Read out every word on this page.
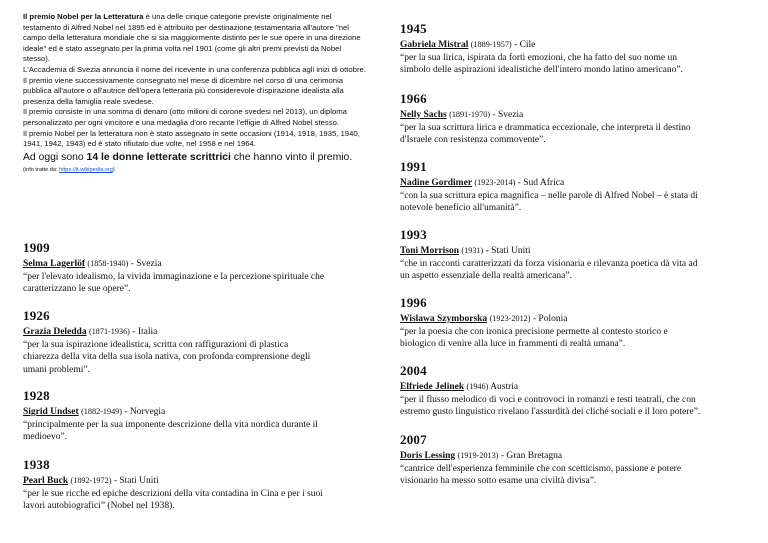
Il premio Nobel per la Letteratura è una delle cinque categorie previste originalmente nel testamento di Alfred Nobel nel 1895 ed è attribuito per destinazione testamentaria all'autore "nel campo della letteratura mondiale che si sia maggiormente distinto per le sue opere in una direzione ideale" ed è stato assegnato per la prima volta nel 1901 (come gli altri premi previsti da Nobel stesso).

L'Accademia di Svezia annuncia il nome del ricevente in una conferenza pubblica agli inizi di ottobre. Il premio viene successivamente consegnato nel mese di dicembre nel corso di una cerimonia pubblica all'autore o all'autrice dell'opera letteraria più considerevole d'ispirazione idealista alla presenza della famiglia reale svedese.

Il premio consiste in una somma di denaro (otto milioni di corone svedesi nel 2013), un diploma personalizzato per ogni vincitore e una medaglia d'oro recante l'effigie di Alfred Nobel stesso.

Il premio Nobel per la letteratura non è stato assegnato in sette occasioni (1914, 1918, 1935, 1940, 1941, 1942, 1943) ed è stato rifiutato due volte, nel 1958 e nel 1964.

Ad oggi sono 14 le donne letterate scrittrici che hanno vinto il premio.

(info tratte da: https://it.wikipedia.org)

1909
Selma Lagerlöf (1858-1940) - Svezia
“per l'elevato idealismo, la vivida immaginazione e la percezione spirituale che
caratterizzano le sue opere”.
1926
Grazia Deledda (1871-1936) - Italia
“per la sua ispirazione idealistica, scritta con raffigurazioni di plastica
chiarezza della vita della sua isola nativa, con profonda comprensione degli
umani problemi”.
1928
Sigrid Undset (1882-1949) - Norvegia
“principalmente per la sua imponente descrizione della vita nordica durante il
medioevo”.
1938
Pearl Buck (1892-1972) - Stati Uniti
“per le sue ricche ed epiche descrizioni della vita contadina in Cina e per i suoi
lavori autobiografici” (Nobel nel 1938).
1945
Gabriela Mistral (1889-1957) - Cile
“per la sua lirica, ispirata da forti emozioni, che ha fatto del suo nome un
simbolo delle aspirazioni idealistiche dell'intero mondo latino americano”.
1966
Nelly Sachs (1891-1970) - Svezia
“per la sua scrittura lirica e drammatica eccezionale, che interpreta il destino
d'Israele con resistenza commovente”.
1991
Nadine Gordimer (1923-2014) - Sud Africa
“con la sua scrittura epica magnifica – nelle parole di Alfred Nobel – è stata di
notevole beneficio all'umanità”.
1993
Toni Morrison (1931) - Stati Uniti
“che in racconti caratterizzati da forza visionaria e rilevanza poetica dà vita ad
un aspetto essenziale della realtà americana”.
1996
Wislawa Szymborska (1923-2012) - Polonia
“per la poesia che con ironica precisione permette al contesto storico e
biologico di venire alla luce in frammenti di realtà umana”.
2004
Elfriede Jelinek (1946) Austria
“per il flusso melodico di voci e controvoci in romanzi e testi teatrali, che con
estremo gusto linguistico rivelano l'assurdità dei cliché sociali e il loro potere”.
2007
Doris Lessing (1919-2013) - Gran Bretagna
“cantrice dell'esperienza femminile che con scetticismo, passione e potere
visionario ha messo sotto esame una civiltà divisa”.
